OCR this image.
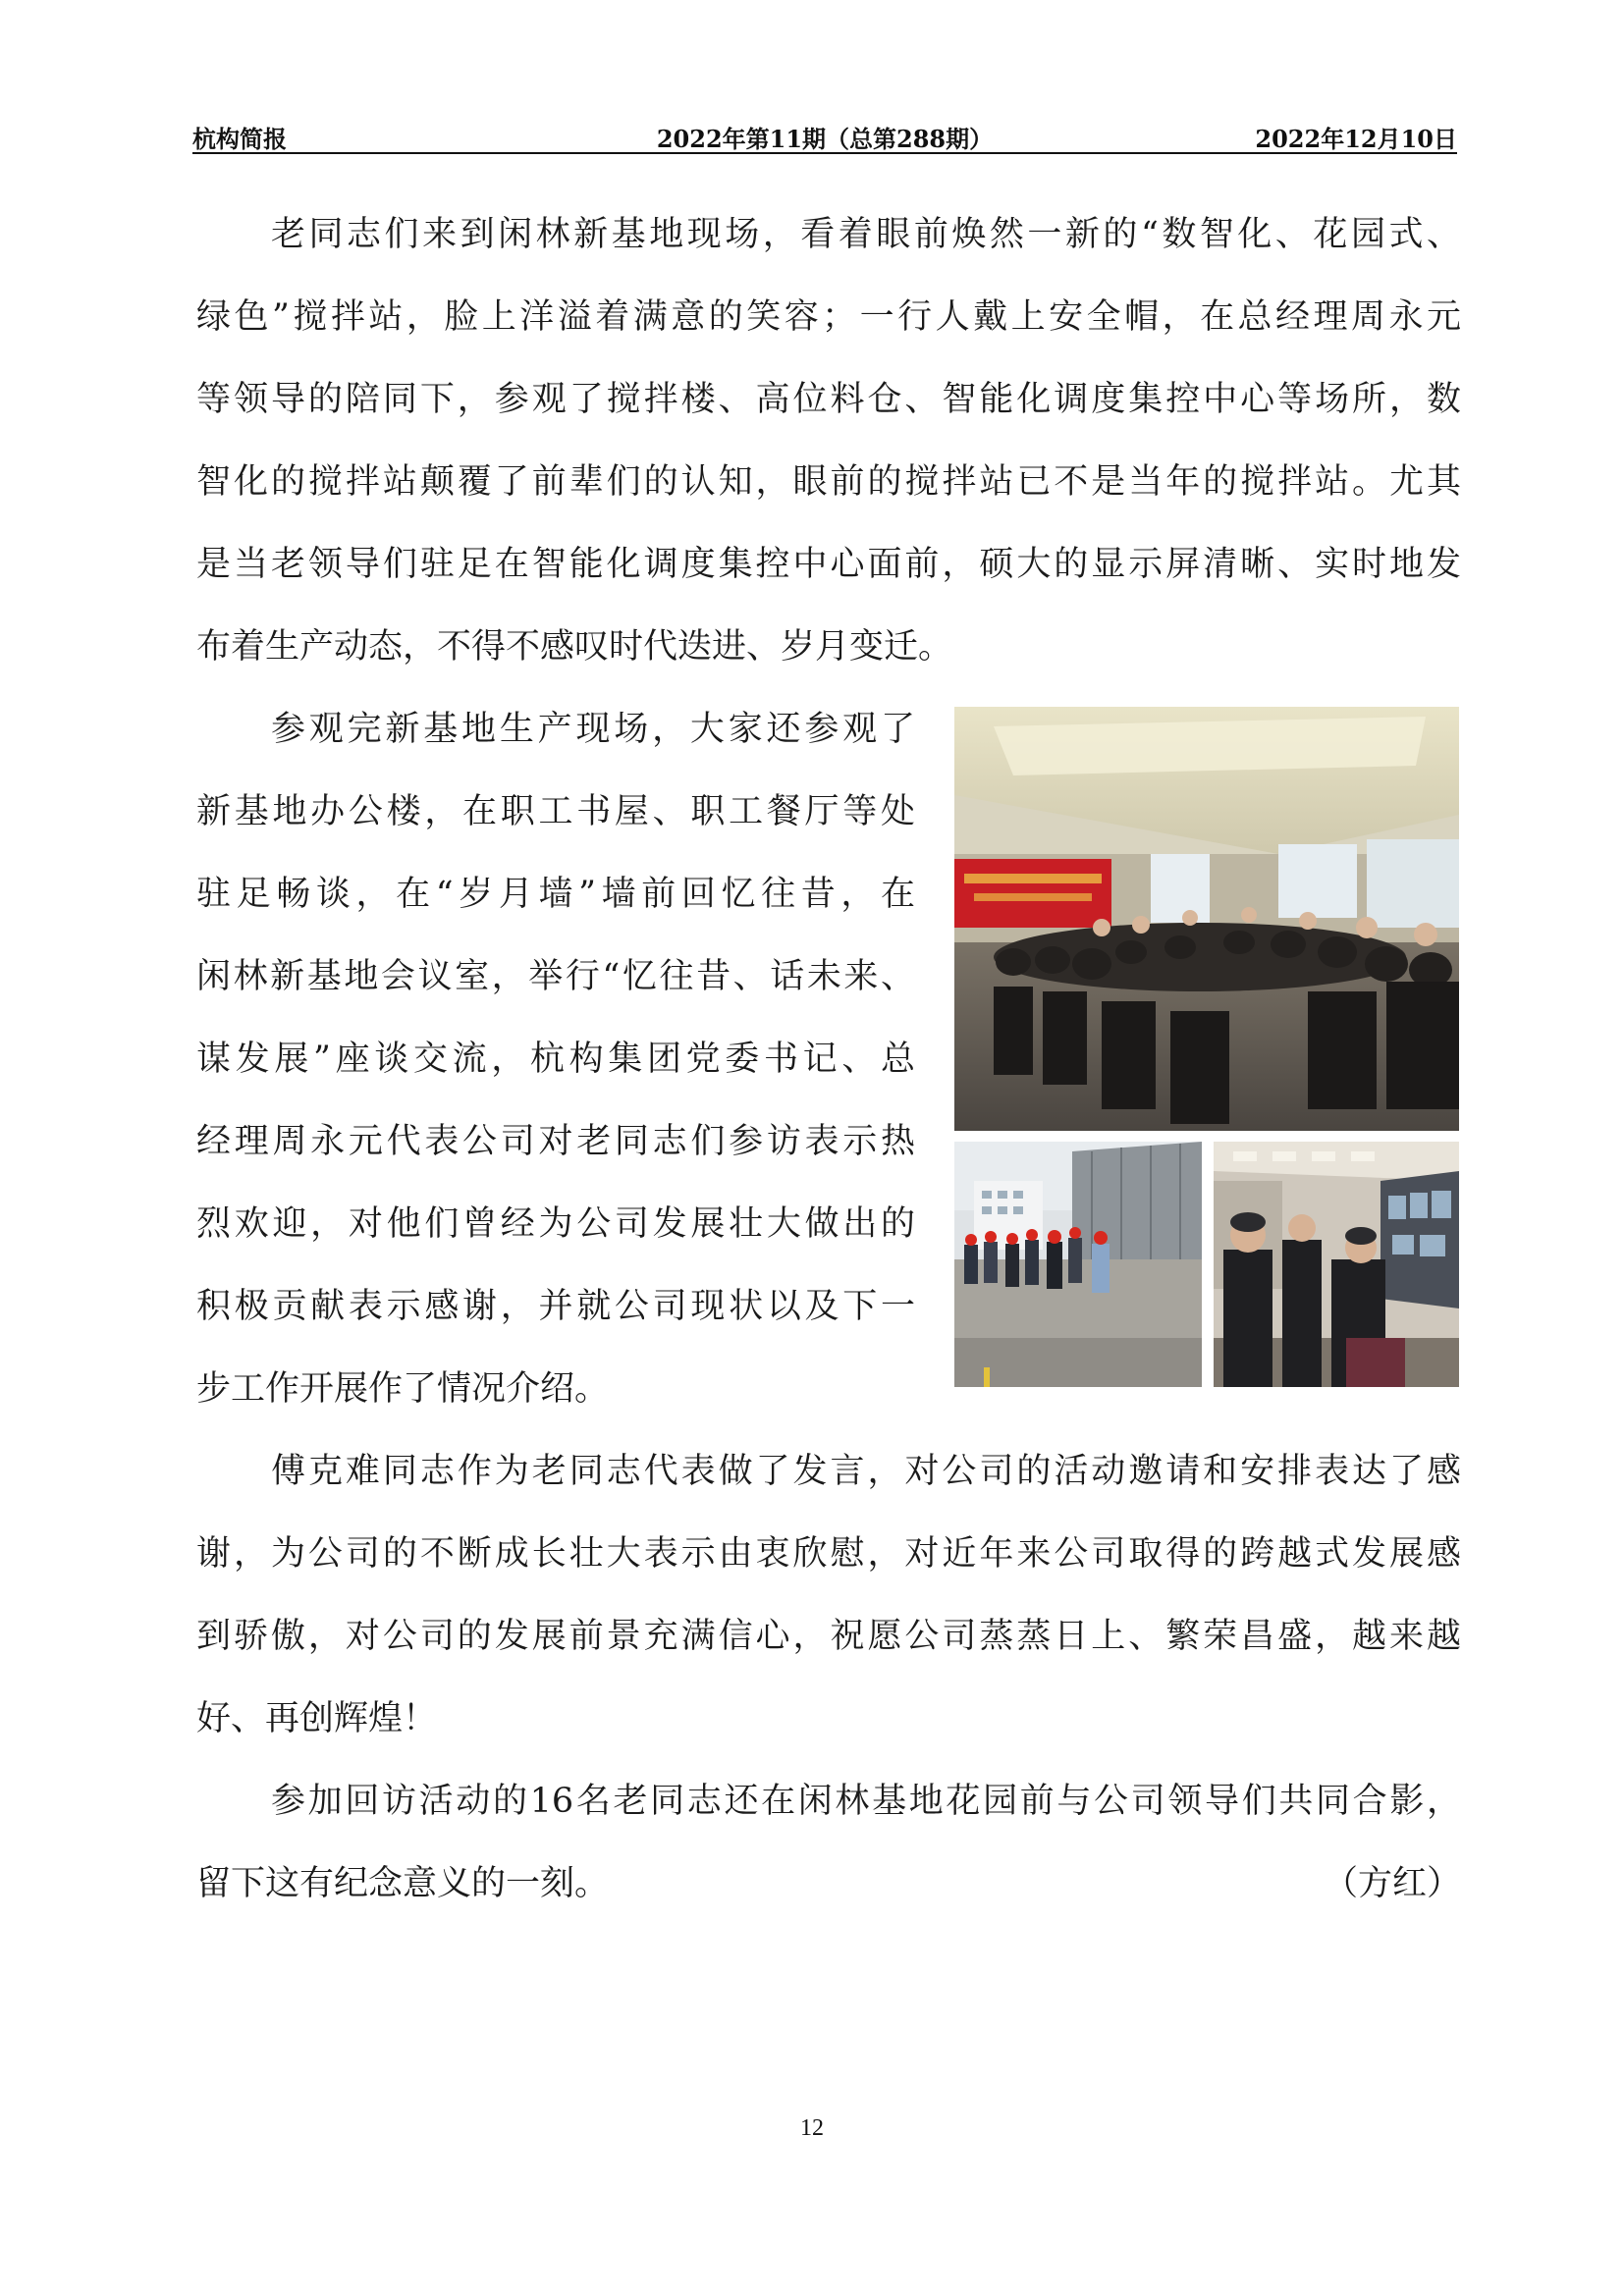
杭构简报	2022年第11期（总第288期）	2022年12月10日
老同志们来到闲林新基地现场，看着眼前焕然一新的“数智化、花园式、
绿色”搅拌站，脸上洋溢着满意的笑容；一行人戴上安全帽，在总经理周永元
等领导的陪同下，参观了搅拌楼、高位料仓、智能化调度集控中心等场所，数
智化的搅拌站颠覆了前辈们的认知，眼前的搅拌站已不是当年的搅拌站。尤其
是当老领导们驻足在智能化调度集控中心面前，硕大的显示屏清晰、实时地发
布着生产动态，不得不感叹时代迭进、岁月变迁。
参观完新基地生产现场，大家还参观了
新基地办公楼，在职工书屋、职工餐厅等处
驻足畅谈，在“岁月墙”墙前回忆往昔，在
闲林新基地会议室，举行“忆往昔、话未来、
谋发展”座谈交流，杭构集团党委书记、总
经理周永元代表公司对老同志们参访表示热
烈欢迎，对他们曾经为公司发展壮大做出的
积极贡献表示感谢，并就公司现状以及下一
步工作开展作了情况介绍。
傅克难同志作为老同志代表做了发言，对公司的活动邀请和安排表达了感
谢，为公司的不断成长壮大表示由衷欣慰，对近年来公司取得的跨越式发展感
到骄傲，对公司的发展前景充满信心，祝愿公司蒸蒸日上、繁荣昌盛，越来越
好、再创辉煌！
参加回访活动的16名老同志还在闲林基地花园前与公司领导们共同合影，
留下这有纪念意义的一刻。	（方红）
12
